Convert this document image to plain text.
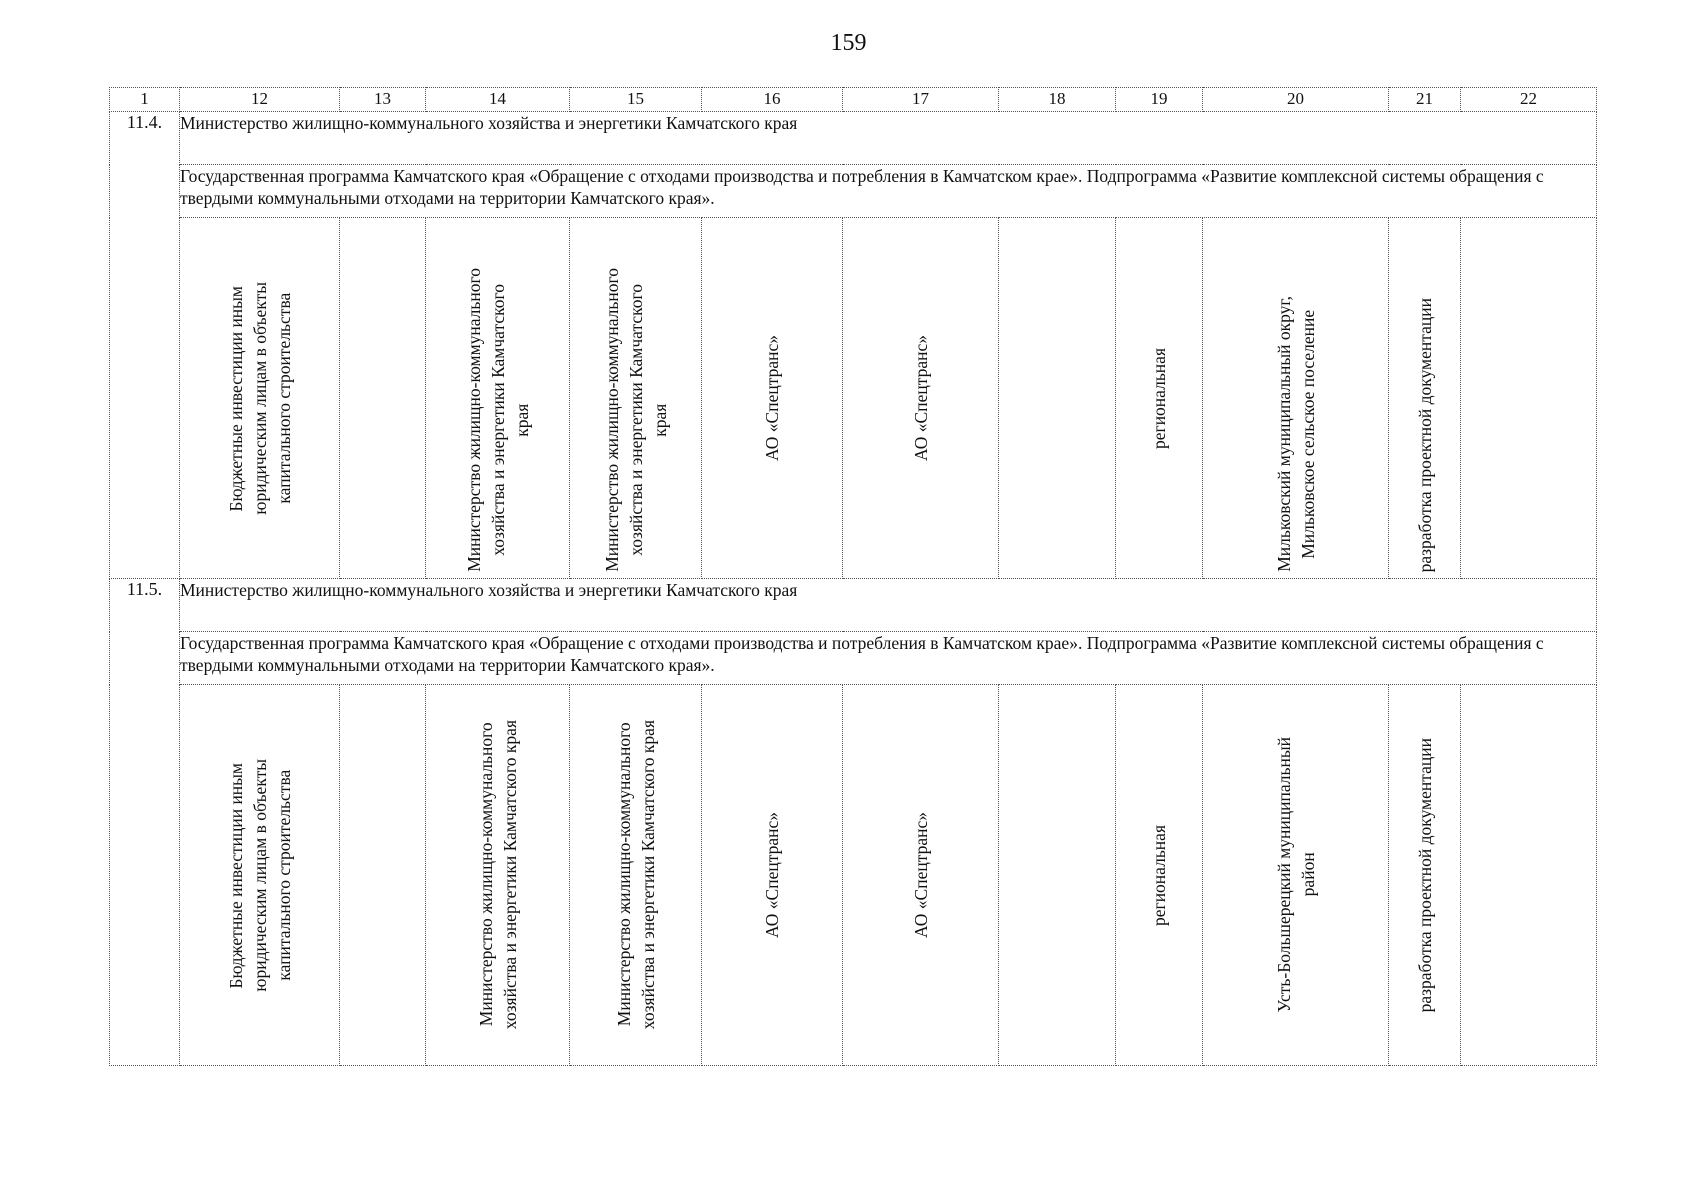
159
1	12	13	14	15	16	17	18	19	20	21	22
11.4.	Министерство жилищно-коммунального хозяйства и энергетики Камчатского края										
	Государственная программа Камчатского края «Обращение с отходами производства и потребления в Камчатском крае». Подпрограмма «Развитие комплексной системы обращения с твердыми коммунальными отходами на территории Камчатского края».										

	Бюджетные инвестиции иным
юридическим лицам в объекты
капитального строительства		Министерство жилищно-коммунального
хозяйства и энергетики Камчатского
края	Министерство жилищно-коммунального
хозяйства и энергетики Камчатского
края	АО «Спецтранс»	АО «Спецтранс»		региональная	Мильковский муниципальный округ,
Мильковское сельское поселение	разработка проектной документации	

11.5.	Министерство жилищно-коммунального хозяйства и энергетики Камчатского края										
	Государственная программа Камчатского края «Обращение с отходами производства и потребления в Камчатском крае». Подпрограмма «Развитие комплексной системы обращения с твердыми коммунальными отходами на территории Камчатского края».										

	Бюджетные инвестиции иным
юридическим лицам в объекты
капитального строительства		Министерство жилищно-коммунального
хозяйства и энергетики Камчатского края	Министерство жилищно-коммунального
хозяйства и энергетики Камчатского края	АО «Спецтранс»	АО «Спецтранс»		региональная	Усть-Большерецкий муниципальный
район	разработка проектной документации	
